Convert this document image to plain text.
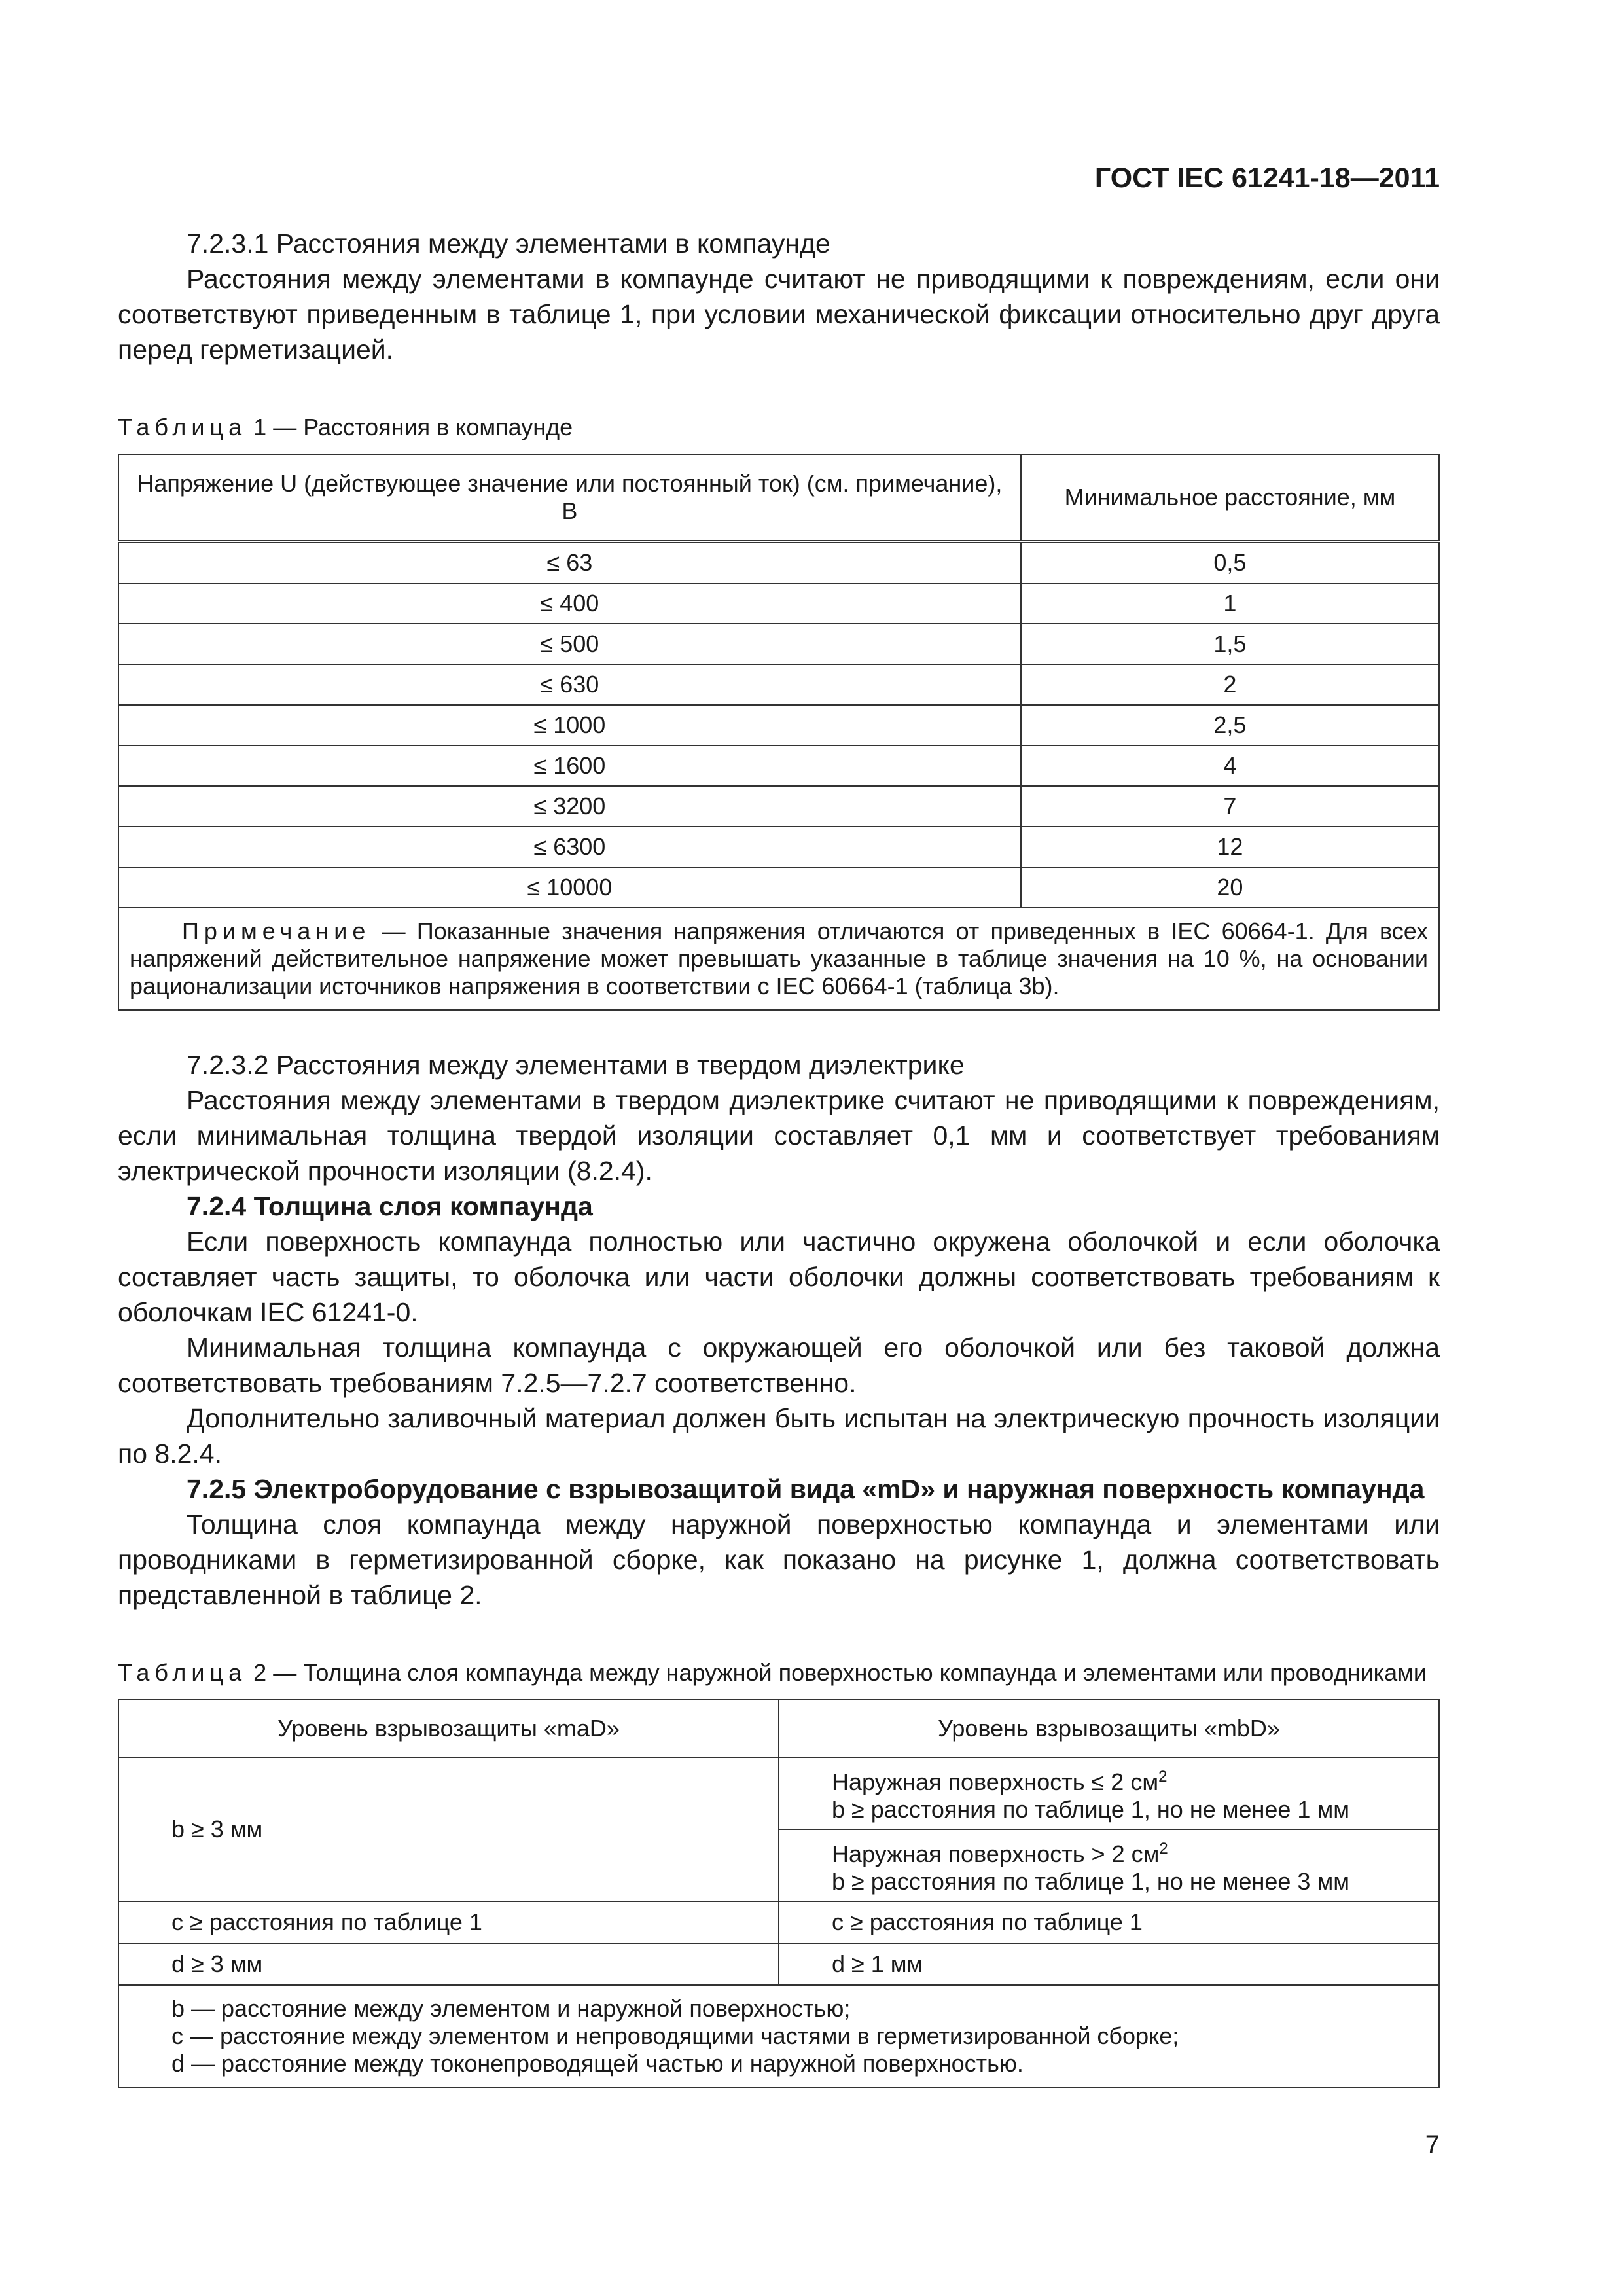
ГОСТ IEC 61241-18—2011

7.2.3.1 Расстояния между элементами в компаунде

Расстояния между элементами в компаунде считают не приводящими к повреждениям, если они соответствуют приведенным в таблице 1, при условии механической фиксации относительно друг друга перед герметизацией.

Таблица 1 — Расстояния в компаунде
Напряжение U (действующее значение или постоянный ток) (см. примечание), В	Минимальное расстояние, мм
≤ 63	0,5
≤ 400	1
≤ 500	1,5
≤ 630	2
≤ 1000	2,5
≤ 1600	4
≤ 3200	7
≤ 6300	12
≤ 10000	20
Примечание — Показанные значения напряжения отличаются от приведенных в IEC 60664-1. Для всех напряжений действительное напряжение может превышать указанные в таблице значения на 10 %, на основании рационализации источников напряжения в соответствии с IEC 60664-1 (таблица 3b).	

7.2.3.2 Расстояния между элементами в твердом диэлектрике

Расстояния между элементами в твердом диэлектрике считают не приводящими к повреждениям, если минимальная толщина твердой изоляции составляет 0,1 мм и соответствует требованиям электрической прочности изоляции (8.2.4).

7.2.4 Толщина слоя компаунда

Если поверхность компаунда полностью или частично окружена оболочкой и если оболочка составляет часть защиты, то оболочка или части оболочки должны соответствовать требованиям к оболочкам IEC 61241-0.

Минимальная толщина компаунда с окружающей его оболочкой или без таковой должна соответствовать требованиям 7.2.5—7.2.7 соответственно.

Дополнительно заливочный материал должен быть испытан на электрическую прочность изоляции по 8.2.4.

7.2.5 Электроборудование с взрывозащитой вида «mD» и наружная поверхность компаунда

Толщина слоя компаунда между наружной поверхностью компаунда и элементами или проводниками в герметизированной сборке, как показано на рисунке 1, должна соответствовать представленной в таблице 2.

Таблица 2 — Толщина слоя компаунда между наружной поверхностью компаунда и элементами или проводниками
Уровень взрывозащиты «maD»	Уровень взрывозащиты «mbD»
b ≥ 3 мм	Наружная поверхность ≤ 2 $см^2$
b ≥ расстояния по таблице 1, но не менее 1 мм
	Наружная поверхность > 2 $см^2$
b ≥ расстояния по таблице 1, но не менее 3 мм
c ≥ расстояния по таблице 1	c ≥ расстояния по таблице 1
d ≥ 3 мм	d ≥ 1 мм

b — расстояние между элементом и наружной поверхностью;
c — расстояние между элементом и непроводящими частями в герметизированной сборке;
d — расстояние между токонепроводящей частью и наружной поверхностью.	
7
